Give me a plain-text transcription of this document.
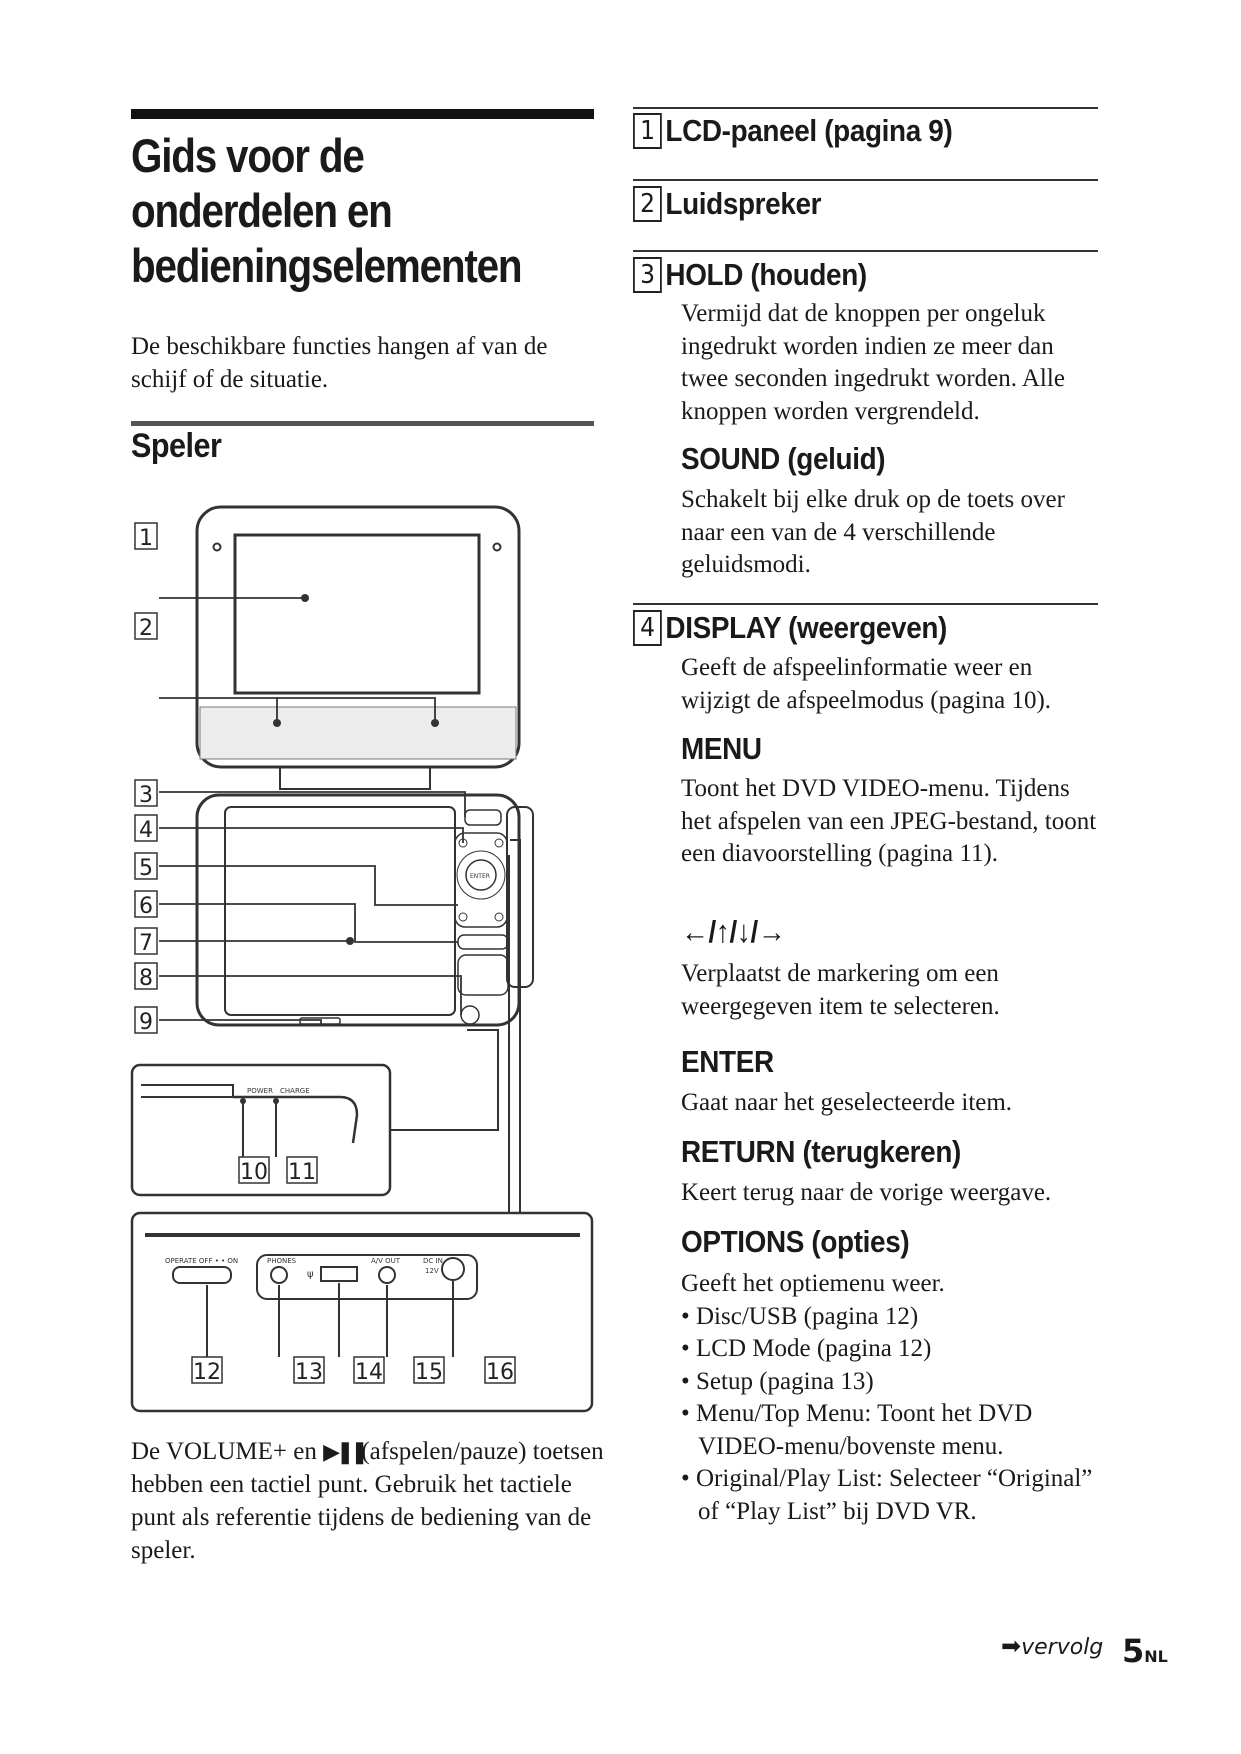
Gids voor de
onderdelen en
bedieningselementen
De beschikbare functies hangen af van de schijf of de situatie.
Speler
1
2
3
4
5
6
7
8
9
10 11
12	13 14 15 16
POWER CHARGE
OPERATE OFF • • ON	PHONES
ψ
A/V OUT	DC IN
12V
ENTER
De VOLUME+ en ▶❚❚ (afspelen/pauze) toetsen hebben een tactiel punt. Gebruik het tactiele punt als referentie tijdens de bediening van de speler.
1 LCD-paneel (pagina 9)
2 Luidspreker
3 HOLD (houden)
Vermijd dat de knoppen per ongeluk ingedrukt worden indien ze meer dan twee seconden ingedrukt worden. Alle knoppen worden vergrendeld.
SOUND (geluid)
Schakelt bij elke druk op de toets over naar een van de 4 verschillende geluidsmodi.
4 DISPLAY (weergeven)
Geeft de afspeelinformatie weer en wijzigt de afspeelmodus (pagina 10).
MENU
Toont het DVD VIDEO-menu. Tijdens het afspelen van een JPEG-bestand, toont een diavoorstelling (pagina 11).
←/↑/↓/→
Verplaatst de markering om een weergegeven item te selecteren.
ENTER
Gaat naar het geselecteerde item.
RETURN (terugkeren)
Keert terug naar de vorige weergave.
OPTIONS (opties)
Geeft het optiemenu weer.
• Disc/USB (pagina 12)
• LCD Mode (pagina 12)
• Setup (pagina 13)
• Menu/Top Menu: Toont het DVD VIDEO-menu/bovenste menu.
• Original/Play List: Selecteer “Original” of “Play List” bij DVD VR.
➡vervolg 5NL
